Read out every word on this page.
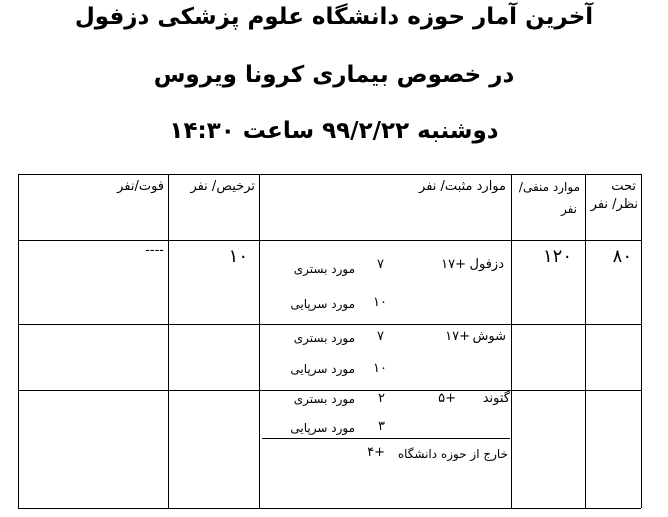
آخرین آمار حوزه دانشگاه علوم پزشکی دزفول
در خصوص بیماری کرونا ویروس
دوشنبه ۹۹/۲/۲۲ ساعت ۱۴:۳۰
تحت
نظر/ نفر
موارد منفی/
نفر
موارد مثبت/ نفر
ترخیص/ نفر
فوت/نفر
۸۰
۱۲۰
دزفول
+۱۷
۷
مورد بستری
۱۰
مورد سرپایی
۱۰
----
شوش
+۱۷
۷
مورد بستری
۱۰
مورد سرپایی
گتوند
+۵
۲
مورد بستری
۳
مورد سرپایی
خارج از حوزه دانشگاه
+۴
